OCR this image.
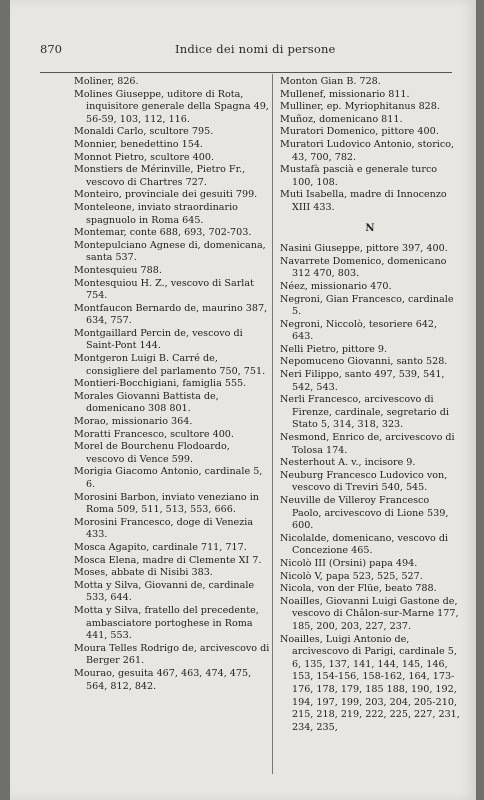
870	Indice dei nomi di persone
Moliner, 826.
Molines Giuseppe, uditore di Rota, inquisitore generale della Spagna 49, 56-59, 103, 112, 116.
Monaldi Carlo, scultore 795.
Monnier, benedettino 154.
Monnot Pietro, scultore 400.
Monstiers de Mérinville, Pietro Fr., vescovo di Chartres 727.
Monteiro, provinciale dei gesuiti 799.
Monteleone, inviato straordinario spagnuolo in Roma 645.
Montemar, conte 688, 693, 702-703.
Montepulciano Agnese di, domenicana, santa 537.
Montesquieu 788.
Montesquiou H. Z., vescovo di Sarlat 754.
Montfaucon Bernardo de, maurino 387, 634, 757.
Montgaillard Percin de, vescovo di Saint-Pont 144.
Montgeron Luigi B. Carré de, consigliere del parlamento 750, 751.
Montieri-Bocchigiani, famiglia 555.
Morales Giovanni Battista de, domenicano 308 801.
Morao, missionario 364.
Moratti Francesco, scultore 400.
Morel de Bourchenu Flodoardo, vescovo di Vence 599.
Morigia Giacomo Antonio, cardinale 5, 6.
Morosini Barbon, inviato veneziano in Roma 509, 511, 513, 553, 666.
Morosini Francesco, doge di Venezia 433.
Mosca Agapito, cardinale 711, 717.
Mosca Elena, madre di Clemente XI 7.
Moses, abbate di Nisibi 383.
Motta y Silva, Giovanni de, cardinale 533, 644.
Motta y Silva, fratello del precedente, ambasciatore portoghese in Roma 441, 553.
Moura Telles Rodrigo de, arcivescovo di Berger 261.
Mourao, gesuita 467, 463, 474, 475, 564, 812, 842.
Monton Gian B. 728.
Mullenef, missionario 811.
Mulliner, ep. Myriophitanus 828.
Muñoz, domenicano 811.
Muratori Domenico, pittore 400.
Muratori Ludovico Antonio, storico, 43, 700, 782.
Mustafà pascià e generale turco 100, 108.
Muti Isabella, madre di Innocenzo XIII 433.
N
Nasini Giuseppe, pittore 397, 400.
Navarrete Domenico, domenicano 312 470, 803.
Néez, missionario 470.
Negroni, Gian Francesco, cardinale 5.
Negroni, Niccolò, tesoriere 642, 643.
Nelli Pietro, pittore 9.
Nepomuceno Giovanni, santo 528.
Neri Filippo, santo 497, 539, 541, 542, 543.
Nerli Francesco, arcivescovo di Firenze, cardinale, segretario di Stato 5, 314, 318, 323.
Nesmond, Enrico de, arcivescovo di Tolosa 174.
Nesterhout A. v., incisore 9.
Neuburg Francesco Ludovico von, vescovo di Treviri 540, 545.
Neuville de Villeroy Francesco Paolo, arcivescovo di Lione 539, 600.
Nicolalde, domenicano, vescovo di Concezione 465.
Nicolò III (Orsini) papa 494.
Nicolò V, papa 523, 525, 527.
Nicola, von der Flüe, beato 788.
Noailles, Giovanni Luigi Gastone de, vescovo di Châlon-sur-Marne 177, 185, 200, 203, 227, 237.
Noailles, Luigi Antonio de, arcivescovo di Parigi, cardinale 5, 6, 135, 137, 141, 144, 145, 146, 153, 154-156, 158-162, 164, 173-176, 178, 179, 185 188, 190, 192, 194, 197, 199, 203, 204, 205-210, 215, 218, 219, 222, 225, 227, 231, 234, 235,
